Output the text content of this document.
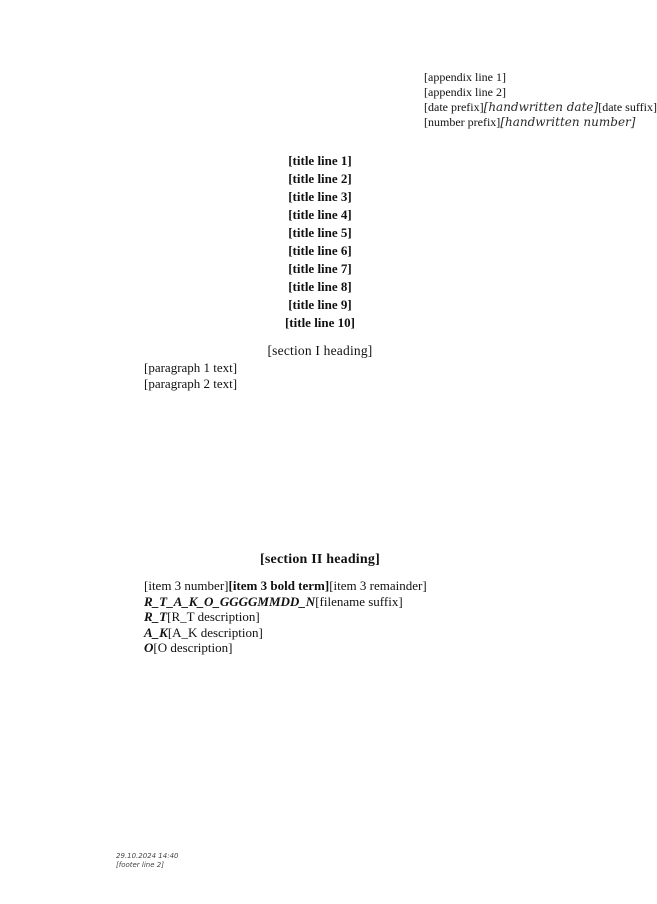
[appendix line 1]
[appendix line 2]
[date prefix][handwritten date][date suffix]
[number prefix][handwritten number]
[title line 1]
[title line 2]
[title line 3]
[title line 4]
[title line 5]
[title line 6]
[title line 7]
[title line 8]
[title line 9]
[title line 10]
[section I heading]

[paragraph 1 text]

[paragraph 2 text]

[section II heading]

[item 3 number][item 3 bold term][item 3 remainder]

R_T_A_K_O_GGGGMMDD_N[filename suffix]

R_T[R_T description]

A_K[A_K description]

O[O description]

29.10.2024 14:40
[footer line 2]
